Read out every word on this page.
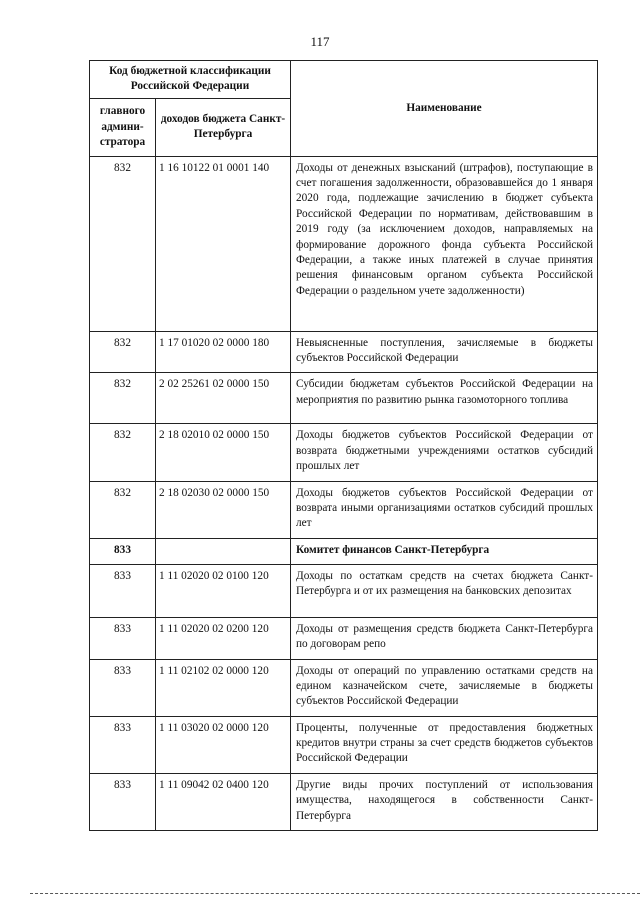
117
Код бюджетной классификации Российской Федерации		Наименование
главного админи-стратора	доходов бюджета Санкт-Петербурга	
832	1 16 10122 01 0001 140	Доходы от денежных взысканий (штрафов), поступающие в счет погашения задолженности, образовавшейся до 1 января 2020 года, подлежащие зачислению в бюджет субъекта Российской Федерации по нормативам, действовавшим в 2019 году (за исключением доходов, направляемых на формирование дорожного фонда субъекта Российской Федерации, а также иных платежей в случае принятия решения финансовым органом субъекта Российской Федерации о раздельном учете задолженности)
832	1 17 01020 02 0000 180	Невыясненные поступления, зачисляемые в бюджеты субъектов Российской Федерации
832	2 02 25261 02 0000 150	Субсидии бюджетам субъектов Российской Федерации на мероприятия по развитию рынка газомоторного топлива
832	2 18 02010 02 0000 150	Доходы бюджетов субъектов Российской Федерации от возврата бюджетными учреждениями остатков субсидий прошлых лет
832	2 18 02030 02 0000 150	Доходы бюджетов субъектов Российской Федерации от возврата иными организациями остатков субсидий прошлых лет
833		Комитет финансов Санкт-Петербурга
833	1 11 02020 02 0100 120	Доходы по остаткам средств на счетах бюджета Санкт-Петербурга и от их размещения на банковских депозитах
833	1 11 02020 02 0200 120	Доходы от размещения средств бюджета Санкт-Петербурга по договорам репо
833	1 11 02102 02 0000 120	Доходы от операций по управлению остатками средств на едином казначейском счете, зачисляемые в бюджеты субъектов Российской Федерации
833	1 11 03020 02 0000 120	Проценты, полученные от предоставления бюджетных кредитов внутри страны за счет средств бюджетов субъектов Российской Федерации
833	1 11 09042 02 0400 120	Другие виды прочих поступлений от использования имущества, находящегося в собственности Санкт-Петербурга
